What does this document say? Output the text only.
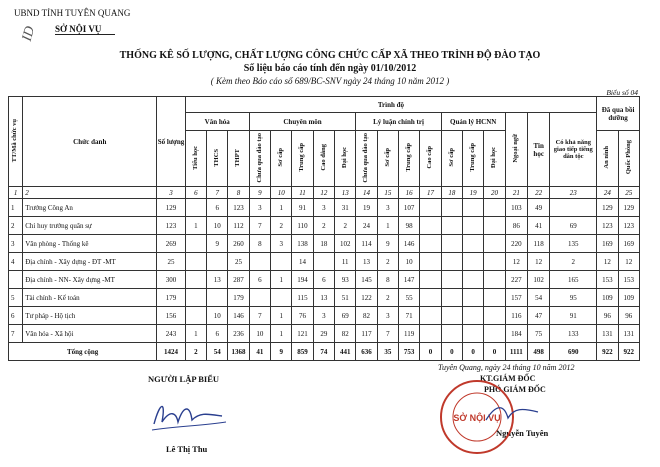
UBND TỈNH TUYÊN QUANG
SỞ NỘI VỤ
ID
THỐNG KÊ SỐ LƯỢNG, CHẤT LƯỢNG CÔNG CHỨC CẤP XÃ THEO TRÌNH ĐỘ ĐÀO TẠO
Số liệu báo cáo tính đến ngày 01/10/2012
( Kèm theo Báo cáo số 689/BC-SNV ngày 24 tháng 10 năm 2012 )
Biểu số 04
TT/Mã chức vụ	Chức danh	Số lượng	Trình độ																		Đã qua bồi dưỡng	
			Văn hóa			Chuyên môn					Lý luận chính trị				Quản lý HCNN			Ngoại ngữ	Tin học	Có khả năng giao tiếp tiếng dân tộc		
			Tiểu học	THCS	THPT	Chưa qua đào tạo	Sơ cấp	Trung cấp	Cao đẳng	Đại học	Chưa qua đào tạo	Sơ cấp	Trung cấp	Cao cấp	Sơ cấp	Trung cấp	Đại học				An ninh	Quốc Phòng
1	2	3	6	7	8	9	10	11	12	13	14	15	16	17	18	19	20	21	22	23	24	25
1	Trưởng Công An	129		6	123	3	1	91	3	31	19	3	107					103	49		129	129
2	Chỉ huy trưởng quân sự	123	1	10	112	7	2	110	2	2	24	1	98					86	41	69	123	123
3	Văn phòng - Thống kê	269		9	260	8	3	138	18	102	114	9	146					220	118	135	169	169
4	Địa chính - Xây dựng - ĐT -MT	25			25			14		11	13	2	10					12	12	2	12	12
	Địa chính - NN- Xây dựng -MT	300		13	287	6	1	194	6	93	145	8	147					227	102	165	153	153
5	Tài chính - Kế toán	179			179			115	13	51	122	2	55					157	54	95	109	109
6	Tư pháp - Hộ tịch	156		10	146	7	1	76	3	69	82	3	71					116	47	91	96	96
7	Văn hóa - Xã hội	243	1	6	236	10	1	121	29	82	117	7	119					184	75	133	131	131
Tổng cộng		1424	2	54	1368	41	9	859	74	441	636	35	753	0	0	0	0	1111	498	690	922	922
Tuyên Quang, ngày 24 tháng 10 năm 2012
KT.GIÁM ĐỐC
PHÓ GIÁM ĐỐC
NGƯỜI LẬP BIỂU
Lê Thị Thu
Nguyễn Tuyên
SỞ NỘI VỤ
